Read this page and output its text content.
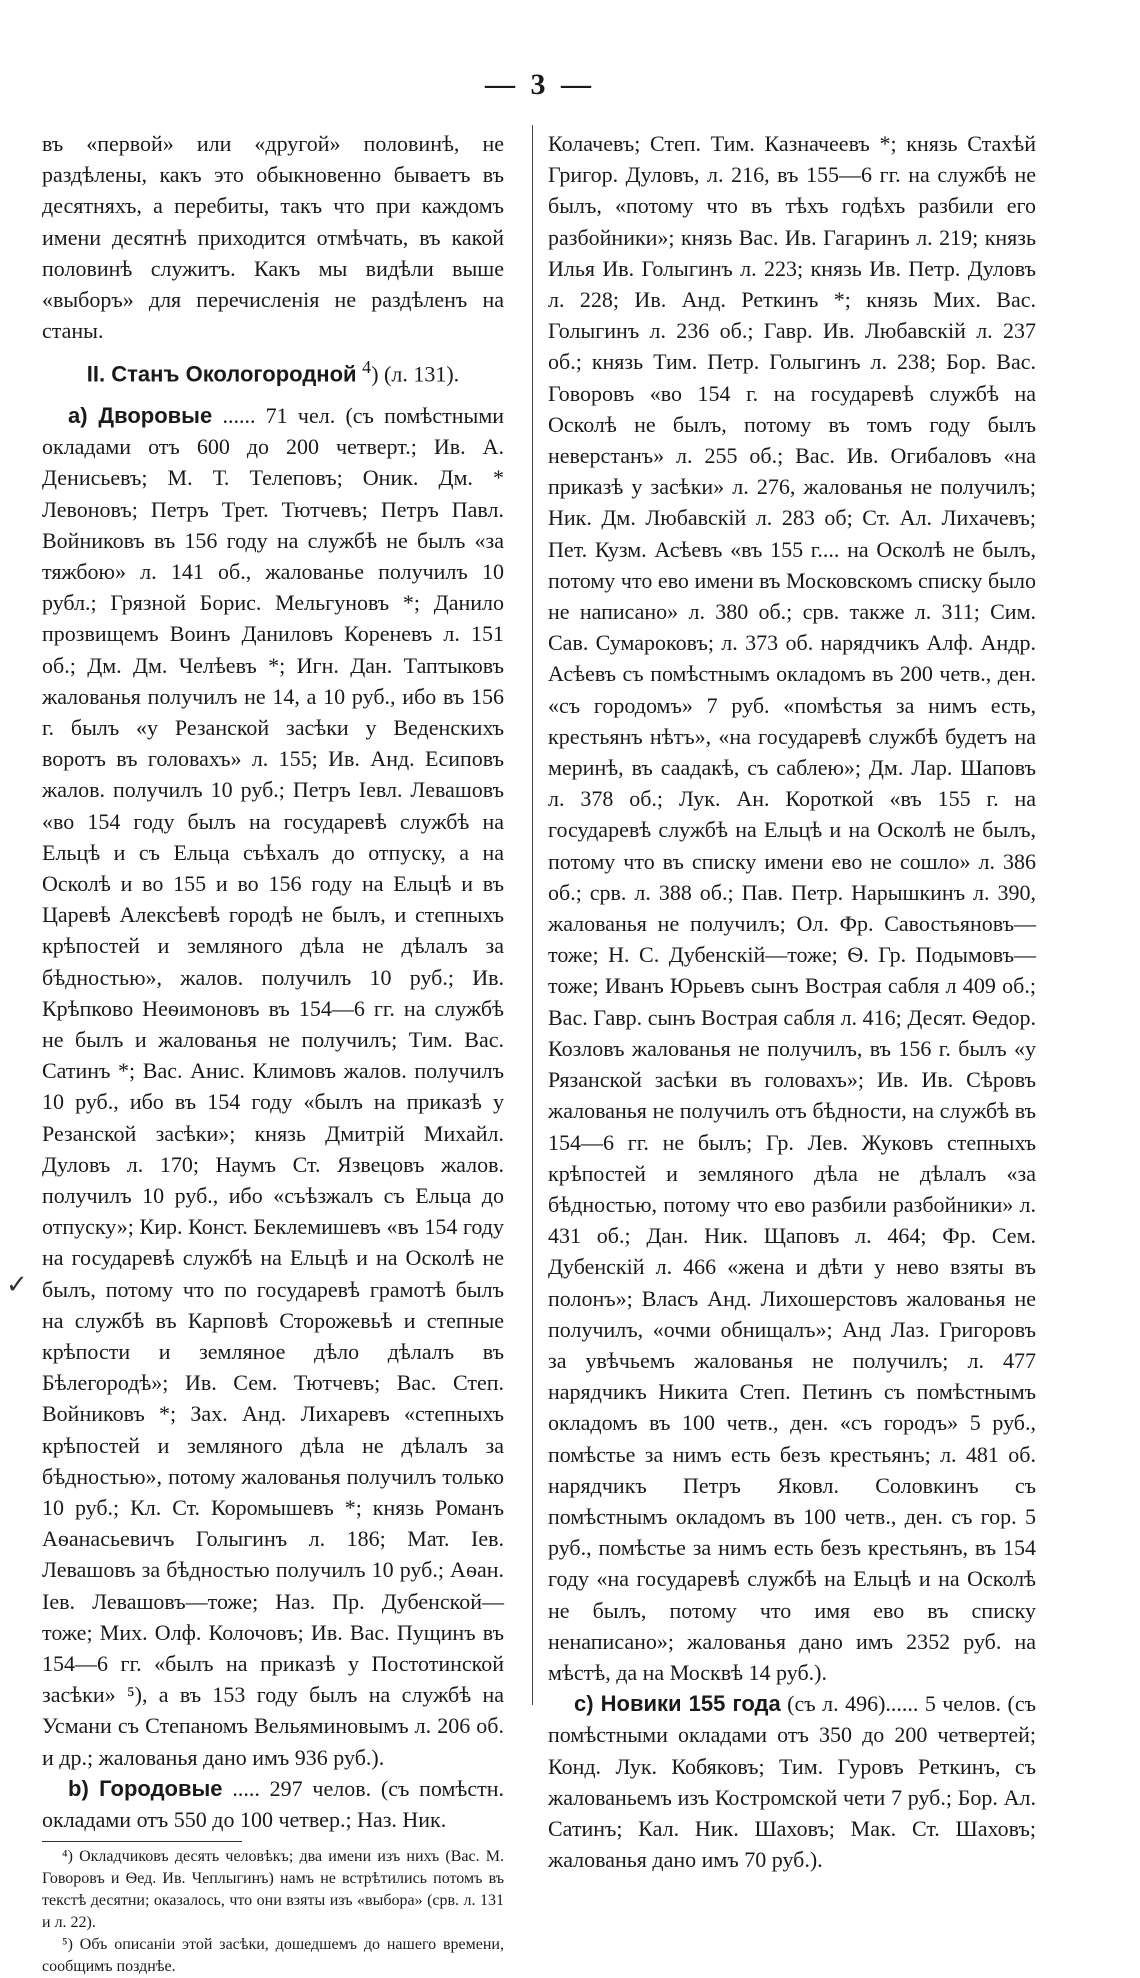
— 3 —
✓

въ «первой» или «другой» половинѣ, не раздѣлены, какъ это обыкновенно бываетъ въ десятняхъ, а перебиты, такъ что при каждомъ имени десятнѣ приходится отмѣчать, въ какой половинѣ служитъ. Какъ мы видѣли выше «выборъ» для перечисленія не раздѣленъ на станы.

II. Станъ Окологородной $^4$) (л. 131).

а) Дворовые ...... 71 чел. (съ помѣстными окладами отъ 600 до 200 четверт.; Ив. А. Денисьевъ; М. Т. Телеповъ; Оник. Дм. * Левоновъ; Петръ Трет. Тютчевъ; Петръ Павл. Войниковъ въ 156 году на службѣ не былъ «за тяжбою» л. 141 об., жалованье получилъ 10 рубл.; Грязной Борис. Мельгуновъ *; Данило прозвищемъ Воинъ Даниловъ Кореневъ л. 151 об.; Дм. Дм. Челѣевъ *; Игн. Дан. Таптыковъ жалованья получилъ не 14, а 10 руб., ибо въ 156 г. былъ «у Резанской засѣки у Веденскихъ воротъ въ головахъ» л. 155; Ив. Анд. Есиповъ жалов. получилъ 10 руб.; Петръ Іевл. Левашовъ «во 154 году былъ на государевѣ службѣ на Ельцѣ и съ Ельца съѣхалъ до отпуску, а на Осколѣ и во 155 и во 156 году на Ельцѣ и въ Царевѣ Алексѣевѣ городѣ не былъ, и степныхъ крѣпостей и земляного дѣла не дѣлалъ за бѣдностью», жалов. получилъ 10 руб.; Ив. Крѣпково Неѳимоновъ въ 154—6 гг. на службѣ не былъ и жалованья не получилъ; Тим. Вас. Сатинъ *; Вас. Анис. Климовъ жалов. получилъ 10 руб., ибо въ 154 году «былъ на приказѣ у Резанской засѣки»; князь Дмитрій Михайл. Дуловъ л. 170; Наумъ Ст. Язвецовъ жалов. получилъ 10 руб., ибо «съѣзжалъ съ Ельца до отпуску»; Кир. Конст. Беклемишевъ «въ 154 году на государевѣ службѣ на Ельцѣ и на Осколѣ не былъ, потому что по государевѣ грамотѣ былъ на службѣ въ Карповѣ Сторожевьѣ и степные крѣпости и земляное дѣло дѣлалъ въ Бѣлегородѣ»; Ив. Сем. Тютчевъ; Вас. Степ. Войниковъ *; Зах. Анд. Лихаревъ «степныхъ крѣпостей и земляного дѣла не дѣлалъ за бѣдностью», потому жалованья получилъ только 10 руб.; Кл. Ст. Коромышевъ *; князь Романъ Аѳанасьевичъ Голыгинъ л. 186; Мат. Іев. Левашовъ за бѣдностью получилъ 10 руб.; Аѳан. Іев. Левашовъ—тоже; Наз. Пр. Дубенской—тоже; Мих. Олф. Колочовъ; Ив. Вас. Пущинъ въ 154—6 гг. «былъ на приказѣ у Постотинской засѣки» ⁵), а въ 153 году былъ на службѣ на Усмани съ Степаномъ Вельяминовымъ л. 206 об. и др.; жалованья дано имъ 936 руб.).

b) Городовые ..... 297 челов. (съ помѣстн. окладами отъ 550 до 100 четвер.; Наз. Ник.

⁴) Окладчиковъ десять человѣкъ; два имени изъ нихъ (Вас. М. Говоровъ и Ѳед. Ив. Чеплыгинъ) намъ не встрѣтились потомъ въ текстѣ десятни; оказалось, что они взяты изъ «выбора» (срв. л. 131 и л. 22).

⁵) Объ описаніи этой засѣки, дошедшемъ до нашего времени, сообщимъ позднѣе.

Колачевъ; Степ. Тим. Казначеевъ *; князь Стахѣй Григор. Дуловъ, л. 216, въ 155—6 гг. на службѣ не былъ, «потому что въ тѣхъ годѣхъ разбили его разбойники»; князь Вас. Ив. Гагаринъ л. 219; князь Илья Ив. Голыгинъ л. 223; князь Ив. Петр. Дуловъ л. 228; Ив. Анд. Реткинъ *; князь Мих. Вас. Голыгинъ л. 236 об.; Гавр. Ив. Любавскій л. 237 об.; князь Тим. Петр. Голыгинъ л. 238; Бор. Вас. Говоровъ «во 154 г. на государевѣ службѣ на Осколѣ не былъ, потому въ томъ году былъ неверстанъ» л. 255 об.; Вас. Ив. Огибаловъ «на приказѣ у засѣки» л. 276, жалованья не получилъ; Ник. Дм. Любавскій л. 283 об; Ст. Ал. Лихачевъ; Пет. Кузм. Асѣевъ «въ 155 г.... на Осколѣ не былъ, потому что ево имени въ Московскомъ списку было не написано» л. 380 об.; срв. также л. 311; Сим. Сав. Сумароковъ; л. 373 об. нарядчикъ Алф. Андр. Асѣевъ съ помѣстнымъ окладомъ въ 200 четв., ден. «съ городомъ» 7 руб. «помѣстья за нимъ есть, крестьянъ нѣтъ», «на государевѣ службѣ будетъ на меринѣ, въ саадакѣ, съ саблею»; Дм. Лар. Шаповъ л. 378 об.; Лук. Ан. Короткой «въ 155 г. на государевѣ службѣ на Ельцѣ и на Осколѣ не былъ, потому что въ списку имени ево не сошло» л. 386 об.; срв. л. 388 об.; Пав. Петр. Нарышкинъ л. 390, жалованья не получилъ; Ол. Фр. Савостьяновъ—тоже; Н. С. Дубенскій—тоже; Ѳ. Гр. Подымовъ—тоже; Иванъ Юрьевъ сынъ Вострая сабля л 409 об.; Вас. Гавр. сынъ Вострая сабля л. 416; Десят. Ѳедор. Козловъ жалованья не получилъ, въ 156 г. былъ «у Рязанской засѣки въ головахъ»; Ив. Ив. Сѣровъ жалованья не получилъ отъ бѣдности, на службѣ въ 154—6 гг. не былъ; Гр. Лев. Жуковъ степныхъ крѣпостей и земляного дѣла не дѣлалъ «за бѣдностью, потому что ево разбили разбойники» л. 431 об.; Дан. Ник. Щаповъ л. 464; Фр. Сем. Дубенскій л. 466 «жена и дѣти у нево взяты въ полонъ»; Власъ Анд. Лихошерстовъ жалованья не получилъ, «очми обнищалъ»; Анд Лаз. Григоровъ за увѣчьемъ жалованья не получилъ; л. 477 нарядчикъ Никита Степ. Петинъ съ помѣстнымъ окладомъ въ 100 четв., ден. «съ городъ» 5 руб., помѣстье за нимъ есть безъ крестьянъ; л. 481 об. нарядчикъ Петръ Яковл. Соловкинъ съ помѣстнымъ окладомъ въ 100 четв., ден. съ гор. 5 руб., помѣстье за нимъ есть безъ крестьянъ, въ 154 году «на государевѣ службѣ на Ельцѣ и на Осколѣ не былъ, потому что имя ево въ списку ненаписано»; жалованья дано имъ 2352 руб. на мѣстѣ, да на Москвѣ 14 руб.).

c) Новики 155 года (съ л. 496)...... 5 челов. (съ помѣстными окладами отъ 350 до 200 четвертей; Конд. Лук. Кобяковъ; Тим. Гуровъ Реткинъ, съ жалованьемъ изъ Костромской чети 7 руб.; Бор. Ал. Сатинъ; Кал. Ник. Шаховъ; Мак. Ст. Шаховъ; жалованья дано имъ 70 руб.).
